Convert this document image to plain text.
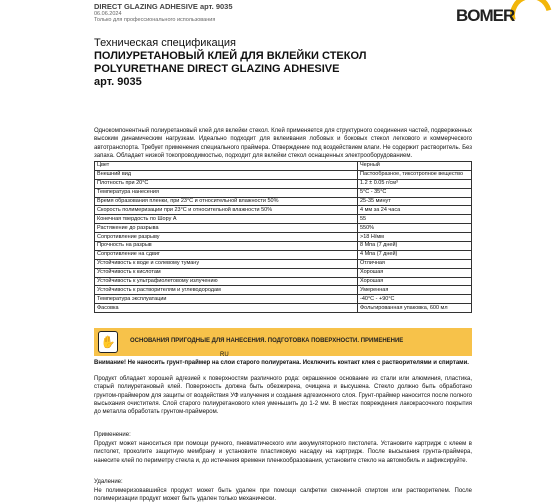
DIRECT GLAZING ADHESIVE арт. 9035
06.06.2024
Только для профессионального использования	BOMER
Техническая спецификация
ПОЛИУРЕТАНОВЫЙ КЛЕЙ ДЛЯ ВКЛЕЙКИ СТЕКОЛ
POLYURETHANE DIRECT GLAZING ADHESIVE
арт. 9035
Однокомпонентный полиуретановый клей для вклейки стекол. Клей применяется для структурного соединения частей, подверженных высоким динамическим нагрузкам. Идеально подходит для вклеивания лобовых и боковых стекол легкового и коммерческого автотранспорта. Требует применения специального праймера. Отверждение под воздействием влаги. Не содержит растворитель. Без запаха. Обладает низкой токопроводимостью, подходит для вклейки стекол оснащенных электрооборудованием.
Цвет	Черный
Внешний вид	Пастообразное, тиксотропное вещество
Плотность при 20°С	1.2 ± 0.05 г/см³
Температура нанесения	5°C - 35°C
Время образования пленки, при 23°С и относительной влажности 50%	25-35 минут
Скорость полимеризации при 23°С и относительной влажности 50%	4 мм за 24 часа
Конечная твердость по Шору А	55
Растяжение до разрыва	550%
Сопротивление разрыву	>18 Н/мм
Прочность на разрыв	8 Мпа (7 дней)
Сопротивление на сдвиг	4 Мпа (7 дней)
Устойчивость к воде и солевому туману	Отличная
Устойчивость к кислотам	Хорошая
Устойчивость к ультрафиолетовому излучению	Хорошая
Устойчивость к растворителям и углеводородам	Умеренная
Температура эксплуатации	-40°C - +90°C
Фасовка	Фольгированная упаковка, 600 мл
✋	ОСНОВАНИЯ ПРИГОДНЫЕ ДЛЯ НАНЕСЕНИЯ. ПОДГОТОВКА ПОВЕРХНОСТИ. ПРИМЕНЕНИЕ
RU
Внимание! Не наносить грунт-праймер на слои старого полиуретана. Исключить контакт клея с растворителями и спиртами.
Продукт обладает хорошей адгезией к поверхностям различного рода: окрашенное основание из стали или алюминия, пластика, старый полиуретановый клей. Поверхность должна быть обезжирена, очищена и высушена. Стекло должно быть обработано грунтом-праймером для защиты от воздействия УФ излучения и создания адгезионного слоя. Грунт-праймер наносится после полного высыхания очистителя. Слой старого полиуретанового клея уменьшить до 1-2 мм. В местах повреждения лакокрасочного покрытия до металла обработать грунтом-праймером.
Применение:
Продукт может наноситься при помощи ручного, пневматического или аккумуляторного пистолета. Установите картридж с клеем в пистолет, проколите защитную мембрану и установите пластиковую насадку на картридж. После высыхания грунта-праймера, нанесите клей по периметру стекла и, до истечения времени пленкообразования, установите стекло на автомобиль и зафиксируйте.
Удаление:
Не полимеризовавшийся продукт может быть удален при помощи салфетки смоченной спиртом или растворителем. После полимеризации продукт может быть удален только механически.
